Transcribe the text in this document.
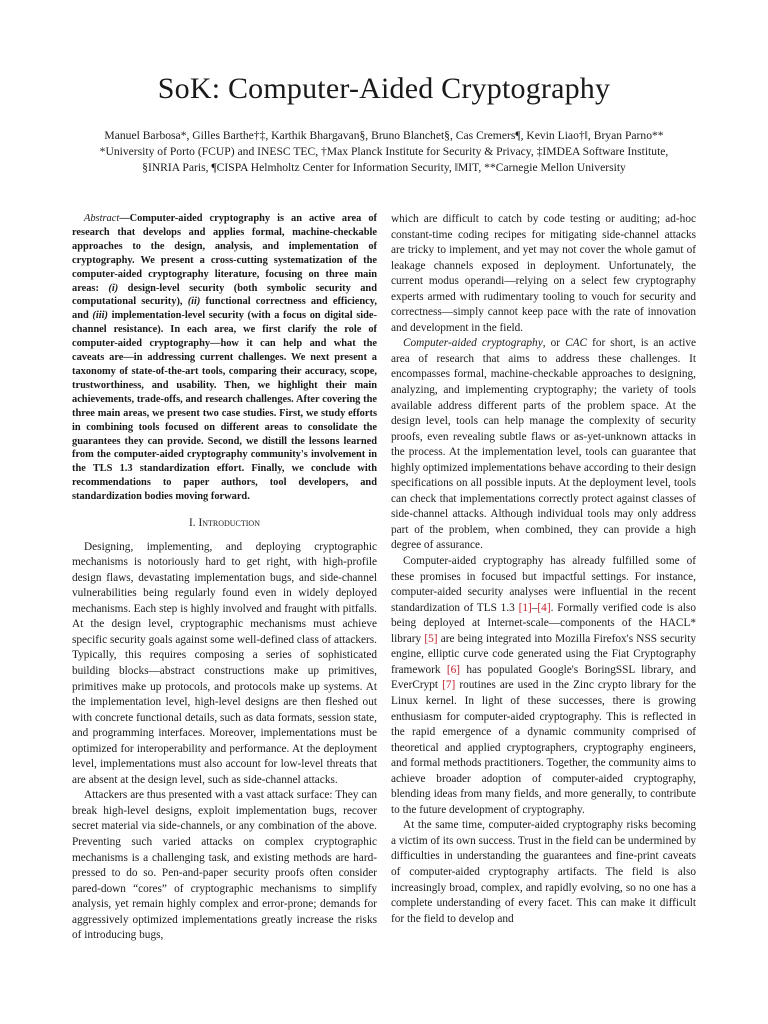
SoK: Computer-Aided Cryptography
Manuel Barbosa*, Gilles Barthe†‡, Karthik Bhargavan§, Bruno Blanchet§, Cas Cremers¶, Kevin Liao†‖, Bryan Parno**
*University of Porto (FCUP) and INESC TEC, †Max Planck Institute for Security & Privacy, ‡IMDEA Software Institute,
§INRIA Paris, ¶CISPA Helmholtz Center for Information Security, ‖MIT, **Carnegie Mellon University

Abstract—Computer-aided cryptography is an active area of research that develops and applies formal, machine-checkable approaches to the design, analysis, and implementation of cryptography. We present a cross-cutting systematization of the computer-aided cryptography literature, focusing on three main areas: (i) design-level security (both symbolic security and computational security), (ii) functional correctness and efficiency, and (iii) implementation-level security (with a focus on digital side-channel resistance). In each area, we first clarify the role of computer-aided cryptography—how it can help and what the caveats are—in addressing current challenges. We next present a taxonomy of state-of-the-art tools, comparing their accuracy, scope, trustworthiness, and usability. Then, we highlight their main achievements, trade-offs, and research challenges. After covering the three main areas, we present two case studies. First, we study efforts in combining tools focused on different areas to consolidate the guarantees they can provide. Second, we distill the lessons learned from the computer-aided cryptography community's involvement in the TLS 1.3 standardization effort. Finally, we conclude with recommendations to paper authors, tool developers, and standardization bodies moving forward.

I. Introduction

Designing, implementing, and deploying cryptographic mechanisms is notoriously hard to get right, with high-profile design flaws, devastating implementation bugs, and side-channel vulnerabilities being regularly found even in widely deployed mechanisms. Each step is highly involved and fraught with pitfalls. At the design level, cryptographic mechanisms must achieve specific security goals against some well-defined class of attackers. Typically, this requires composing a series of sophisticated building blocks—abstract constructions make up primitives, primitives make up protocols, and protocols make up systems. At the implementation level, high-level designs are then fleshed out with concrete functional details, such as data formats, session state, and programming interfaces. Moreover, implementations must be optimized for interoperability and performance. At the deployment level, implementations must also account for low-level threats that are absent at the design level, such as side-channel attacks.

Attackers are thus presented with a vast attack surface: They can break high-level designs, exploit implementation bugs, recover secret material via side-channels, or any combination of the above. Preventing such varied attacks on complex cryptographic mechanisms is a challenging task, and existing methods are hard-pressed to do so. Pen-and-paper security proofs often consider pared-down “cores” of cryptographic mechanisms to simplify analysis, yet remain highly complex and error-prone; demands for aggressively optimized implementations greatly increase the risks of introducing bugs,

which are difficult to catch by code testing or auditing; ad-hoc constant-time coding recipes for mitigating side-channel attacks are tricky to implement, and yet may not cover the whole gamut of leakage channels exposed in deployment. Unfortunately, the current modus operandi—relying on a select few cryptography experts armed with rudimentary tooling to vouch for security and correctness—simply cannot keep pace with the rate of innovation and development in the field.

Computer-aided cryptography, or CAC for short, is an active area of research that aims to address these challenges. It encompasses formal, machine-checkable approaches to designing, analyzing, and implementing cryptography; the variety of tools available address different parts of the problem space. At the design level, tools can help manage the complexity of security proofs, even revealing subtle flaws or as-yet-unknown attacks in the process. At the implementation level, tools can guarantee that highly optimized implementations behave according to their design specifications on all possible inputs. At the deployment level, tools can check that implementations correctly protect against classes of side-channel attacks. Although individual tools may only address part of the problem, when combined, they can provide a high degree of assurance.

Computer-aided cryptography has already fulfilled some of these promises in focused but impactful settings. For instance, computer-aided security analyses were influential in the recent standardization of TLS 1.3 [1]–[4]. Formally verified code is also being deployed at Internet-scale—components of the HACL* library [5] are being integrated into Mozilla Firefox's NSS security engine, elliptic curve code generated using the Fiat Cryptography framework [6] has populated Google's BoringSSL library, and EverCrypt [7] routines are used in the Zinc crypto library for the Linux kernel. In light of these successes, there is growing enthusiasm for computer-aided cryptography. This is reflected in the rapid emergence of a dynamic community comprised of theoretical and applied cryptographers, cryptography engineers, and formal methods practitioners. Together, the community aims to achieve broader adoption of computer-aided cryptography, blending ideas from many fields, and more generally, to contribute to the future development of cryptography.

At the same time, computer-aided cryptography risks becoming a victim of its own success. Trust in the field can be undermined by difficulties in understanding the guarantees and fine-print caveats of computer-aided cryptography artifacts. The field is also increasingly broad, complex, and rapidly evolving, so no one has a complete understanding of every facet. This can make it difficult for the field to develop and
